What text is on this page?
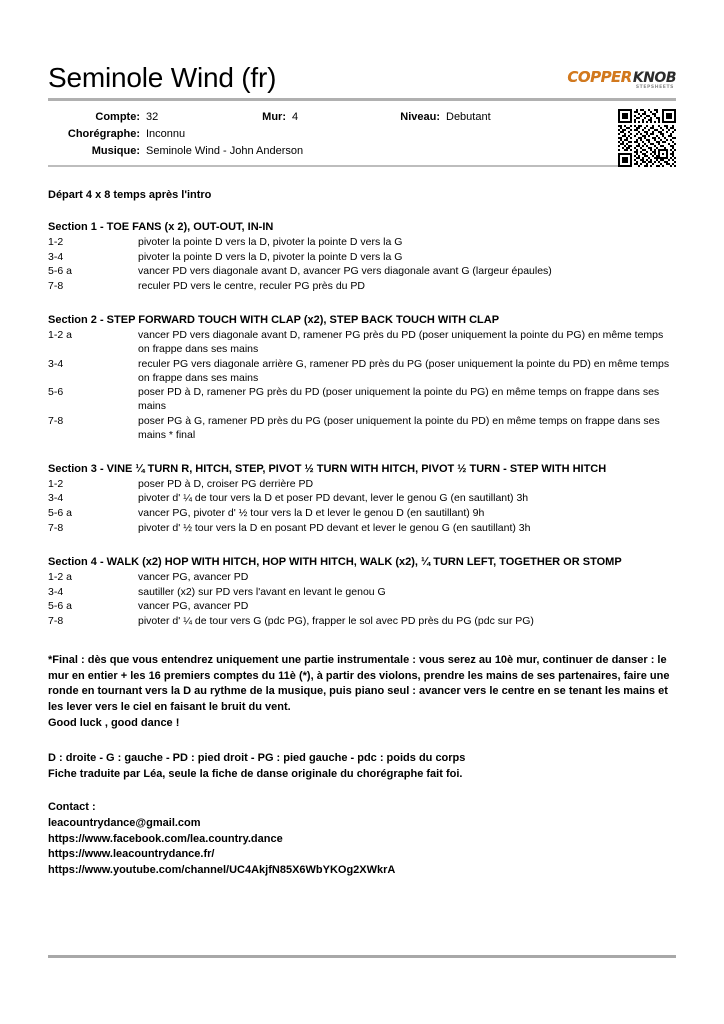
Seminole Wind (fr)	COPPER KNOB
STEPSHEETS
Compte:	32	Mur:	4	Niveau:	Debutant
Chorégraphe:	Inconnu				
Musique:	Seminole Wind - John Anderson				
Départ 4 x 8 temps après l'intro
Section 1 - TOE FANS (x 2), OUT-OUT, IN-IN
1-2	pivoter la pointe D vers la D, pivoter la pointe D vers la G
3-4	pivoter la pointe D vers la D, pivoter la pointe D vers la G
5-6 a	vancer PD vers diagonale avant D, avancer PG vers diagonale avant G (largeur épaules)
7-8	reculer PD vers le centre, reculer PG près du PD
Section 2 - STEP FORWARD TOUCH WITH CLAP (x2), STEP BACK TOUCH WITH CLAP
1-2 a	vancer PD vers diagonale avant D, ramener PG près du PD (poser uniquement la pointe du PG) en même temps on frappe dans ses mains
3-4	reculer PG vers diagonale arrière G, ramener PD près du PG (poser uniquement la pointe du PD) en même temps on frappe dans ses mains
5-6	poser PD à D, ramener PG près du PD (poser uniquement la pointe du PG) en même temps on frappe dans ses mains
7-8	poser PG à G, ramener PD près du PG (poser uniquement la pointe du PD) en même temps on frappe dans ses mains * final
Section 3 - VINE ¼ TURN R, HITCH, STEP, PIVOT ½ TURN WITH HITCH, PIVOT ½ TURN - STEP WITH HITCH
1-2	poser PD à D, croiser PG derrière PD
3-4	pivoter d' ¼ de tour vers la D et poser PD devant, lever le genou G (en sautillant) 3h
5-6 a	vancer PG, pivoter d' ½ tour vers la D et lever le genou D (en sautillant) 9h
7-8	pivoter d' ½ tour vers la D en posant PD devant et lever le genou G (en sautillant) 3h
Section 4 - WALK (x2) HOP WITH HITCH, HOP WITH HITCH, WALK (x2), ¼ TURN LEFT, TOGETHER OR STOMP
1-2 a	vancer PG, avancer PD
3-4	sautiller (x2) sur PD vers l'avant en levant le genou G
5-6 a	vancer PG, avancer PD
7-8	pivoter d' ¼ de tour vers G (pdc PG), frapper le sol avec PD près du PG (pdc sur PG)

*Final : dès que vous entendrez uniquement une partie instrumentale : vous serez au 10è mur, continuer de danser : le mur en entier + les 16 premiers comptes du 11è (*), à partir des violons, prendre les mains de ses partenaires, faire une ronde en tournant vers la D au rythme de la musique, puis piano seul : avancer vers le centre en se tenant les mains et les lever vers le ciel en faisant le bruit du vent.

Good luck , good dance !

D : droite - G : gauche - PD : pied droit - PG : pied gauche - pdc : poids du corps

Fiche traduite par Léa, seule la fiche de danse originale du chorégraphe fait foi.

Contact :

leacountrydance@gmail.com

https://www.facebook.com/lea.country.dance

https://www.leacountrydance.fr/

https://www.youtube.com/channel/UC4AkjfN85X6WbYKOg2XWkrA
